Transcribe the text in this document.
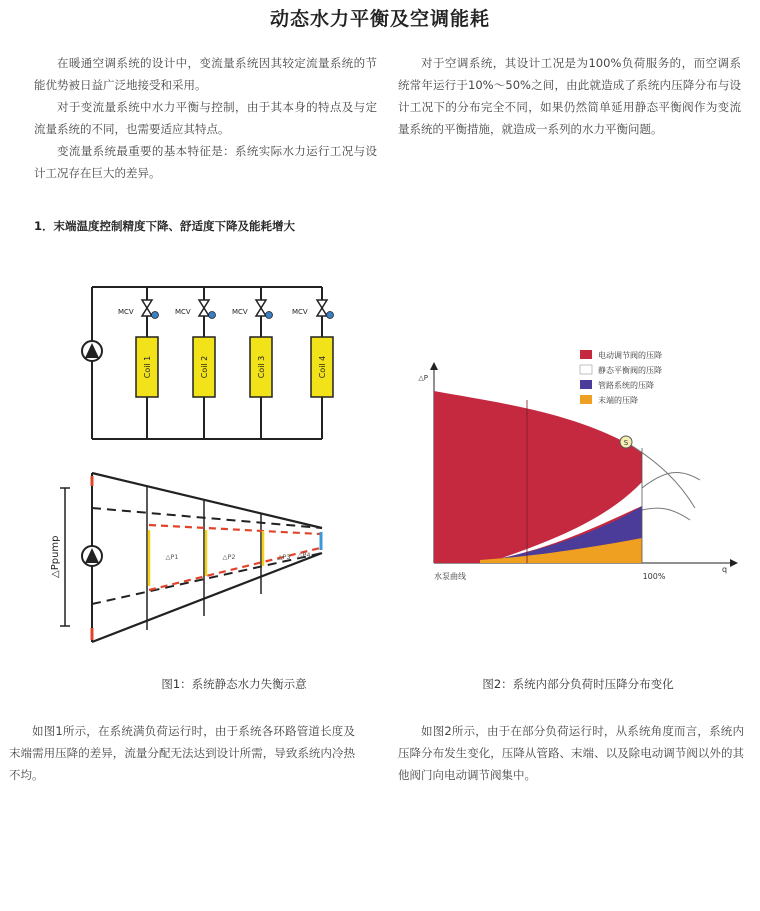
动态水力平衡及空调能耗

在暖通空调系统的设计中，变流量系统因其较定流量系统的节能优势被日益广泛地接受和采用。

对于变流量系统中水力平衡与控制，由于其本身的特点及与定流量系统的不同，也需要适应其特点。

变流量系统最重要的基本特征是：系统实际水力运行工况与设计工况存在巨大的差异。

对于空调系统，其设计工况是为100%负荷服务的，而空调系统常年运行于10%～50%之间，由此就造成了系统内压降分布与设计工况下的分布完全不同，如果仍然简单延用静态平衡阀作为变流量系统的平衡措施，就造成一系列的水力平衡问题。

1．末端温度控制精度下降、舒适度下降及能耗增大
MCV	MCV	MCV	MCV
Coil 1	Coil 2	Coil 3	Coil 4
△Ppump	△P1	△P2	△P3 △P4
△P
q
S
水泵曲线	100%
电动调节阀的压降
静态平衡阀的压降
管路系统的压降
末端的压降
图1：系统静态水力失衡示意	图2：系统内部分负荷时压降分布变化

如图1所示，在系统满负荷运行时，由于系统各环路管道长度及末端需用压降的差异，流量分配无法达到设计所需，导致系统内冷热不均。

如图2所示，由于在部分负荷运行时，从系统角度而言，系统内压降分布发生变化，压降从管路、末端、以及除电动调节阀以外的其他阀门向电动调节阀集中。
